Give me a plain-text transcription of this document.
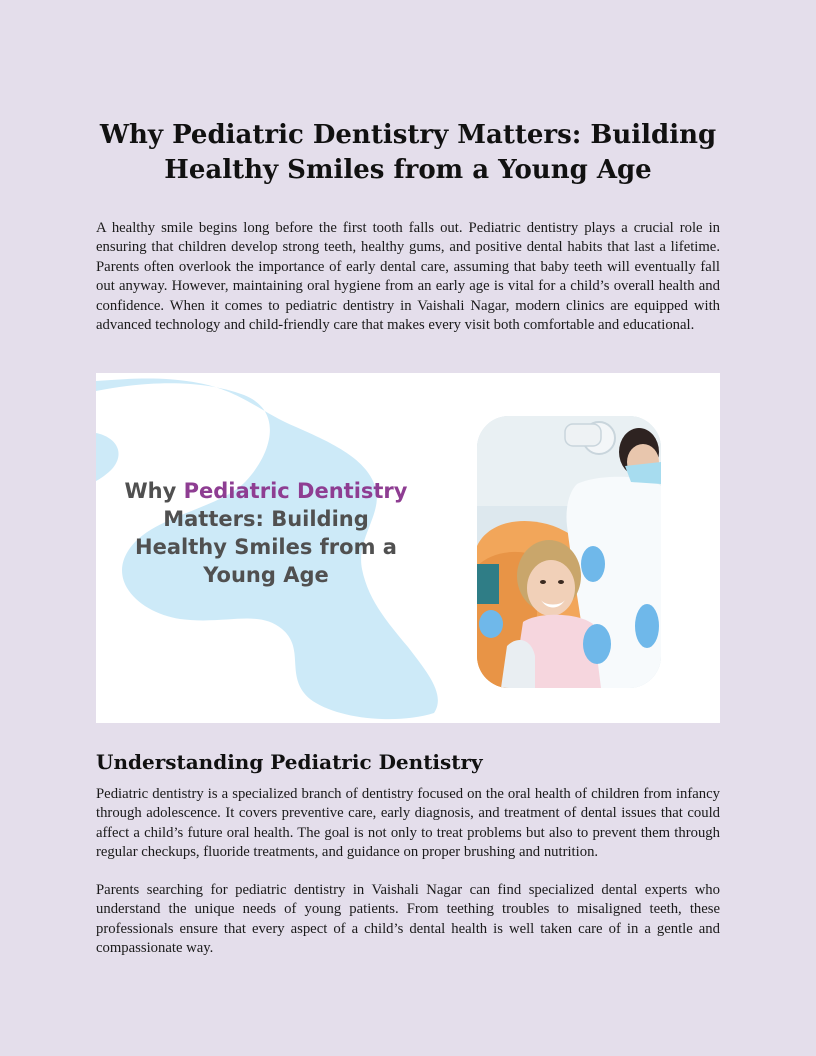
Why Pediatric Dentistry Matters: Building Healthy Smiles from a Young Age

A healthy smile begins long before the first tooth falls out. Pediatric dentistry plays a crucial role in ensuring that children develop strong teeth, healthy gums, and positive dental habits that last a lifetime. Parents often overlook the importance of early dental care, assuming that baby teeth will eventually fall out anyway. However, maintaining oral hygiene from an early age is vital for a child’s overall health and confidence. When it comes to pediatric dentistry in Vaishali Nagar, modern clinics are equipped with advanced technology and child-friendly care that makes every visit both comfortable and educational.

Why Pediatric Dentistry
Matters: Building Healthy Smiles from a Young Age

Understanding Pediatric Dentistry

Pediatric dentistry is a specialized branch of dentistry focused on the oral health of children from infancy through adolescence. It covers preventive care, early diagnosis, and treatment of dental issues that could affect a child’s future oral health. The goal is not only to treat problems but also to prevent them through regular checkups, fluoride treatments, and guidance on proper brushing and nutrition.

Parents searching for pediatric dentistry in Vaishali Nagar can find specialized dental experts who understand the unique needs of young patients. From teething troubles to misaligned teeth, these professionals ensure that every aspect of a child’s dental health is well taken care of in a gentle and compassionate way.
